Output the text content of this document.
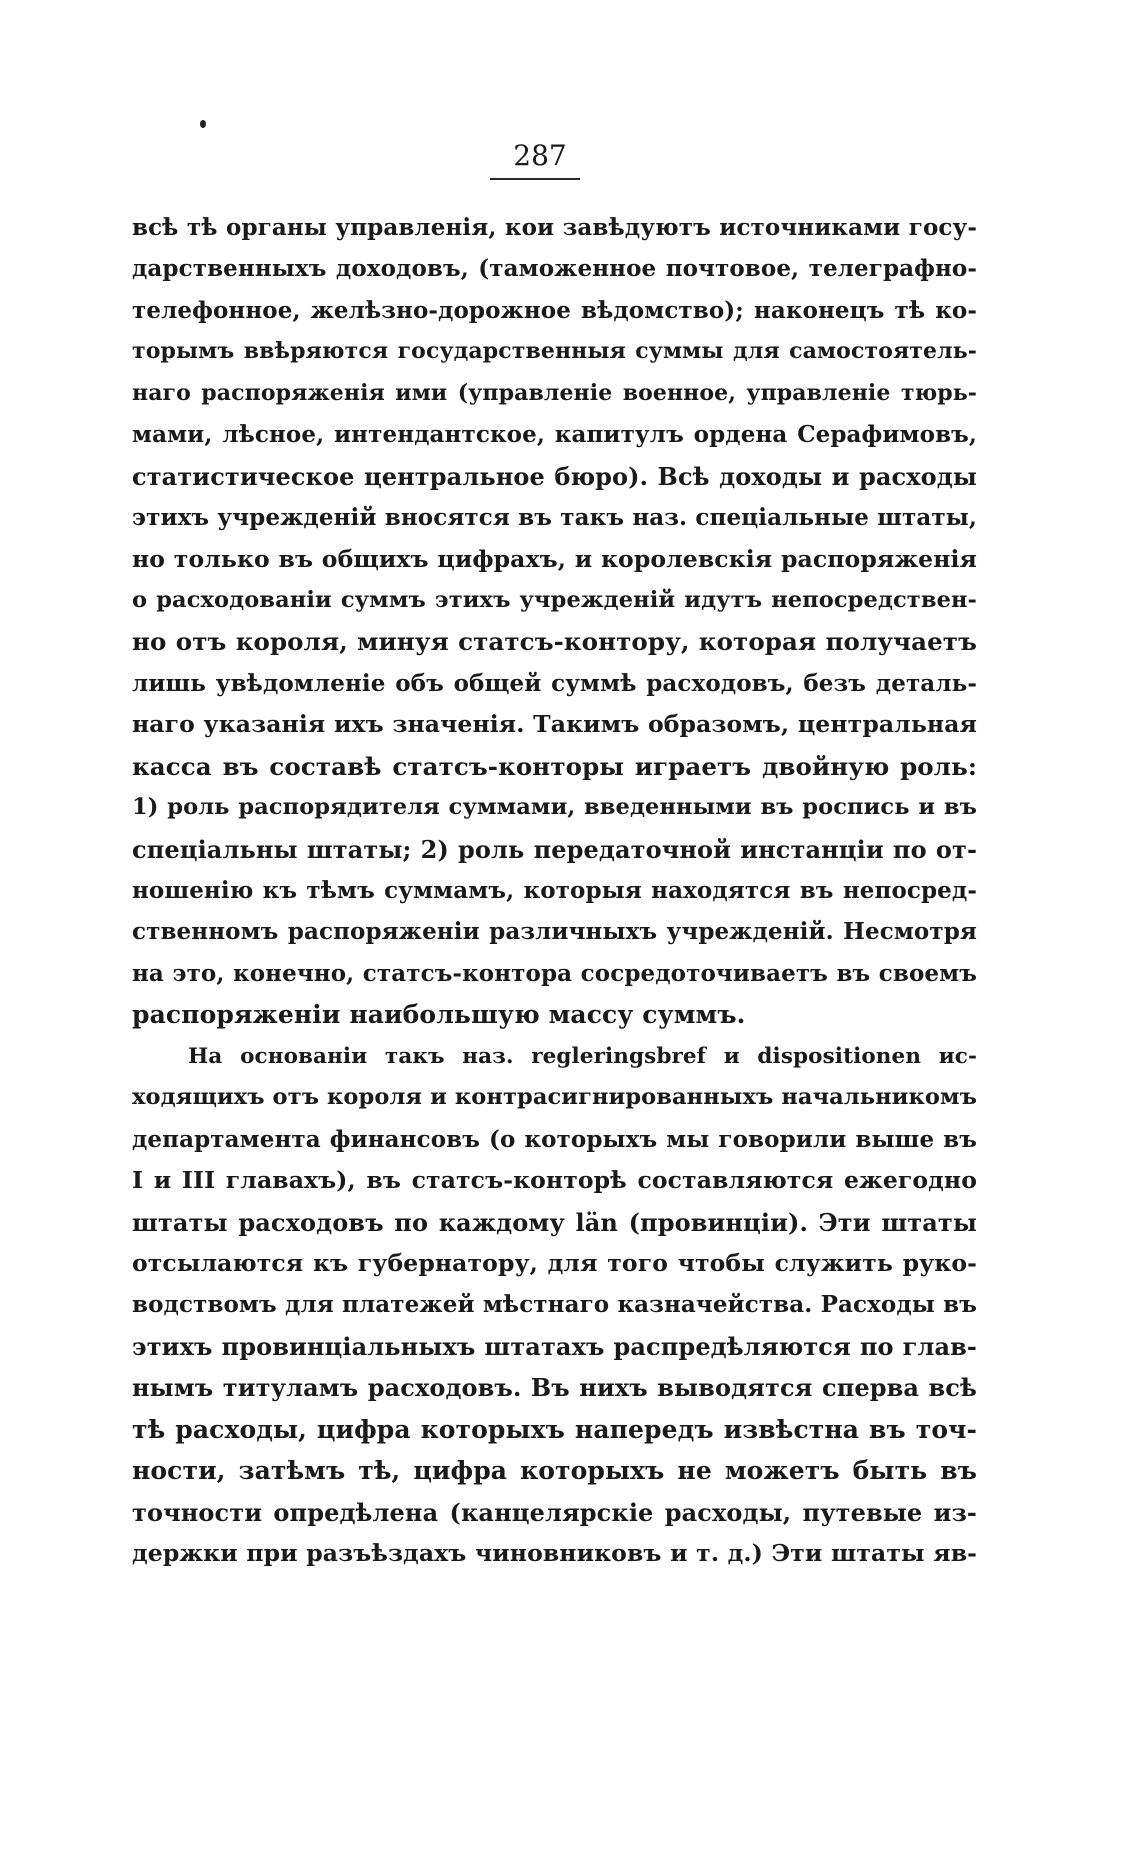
287
всѣ тѣ органы управленія, кои завѣдуютъ источниками госу-
дарственныхъ доходовъ, (таможенное почтовое, телеграфно-
телефонное, желѣзно-дорожное вѣдомство); наконецъ тѣ ко-
торымъ ввѣряются государственныя суммы для самостоятель-
наго распоряженія ими (управленіе военное, управленіе тюрь-
мами, лѣсное, интендантское, капитулъ ордена Серафимовъ,
статистическое центральное бюро). Всѣ доходы и расходы
этихъ учрежденій вносятся въ такъ наз. спеціальные штаты,
но только въ общихъ цифрахъ, и королевскія распоряженія
о расходованіи суммъ этихъ учрежденій идутъ непосредствен-
но отъ короля, минуя статсъ-контору, которая получаетъ
лишь увѣдомленіе объ общей суммѣ расходовъ, безъ деталь-
наго указанія ихъ значенія. Такимъ образомъ, центральная
касса въ составѣ статсъ-конторы играетъ двойную роль:
1) роль распорядителя суммами, введенными въ роспись и въ
спеціальны штаты; 2) роль передаточной инстанціи по от-
ношенію къ тѣмъ суммамъ, которыя находятся въ непосред-
ственномъ распоряженіи различныхъ учрежденій. Несмотря
на это, конечно, статсъ-контора сосредоточиваетъ въ своемъ
распоряженіи наибольшую массу суммъ.
На основаніи такъ наз. regleringsbref и dispositionen ис-
ходящихъ отъ короля и контрасигнированныхъ начальникомъ
департамента финансовъ (о которыхъ мы говорили выше въ
I и III главахъ), въ статсъ-конторѣ составляются ежегодно
штаты расходовъ по каждому län (провинціи). Эти штаты
отсылаются къ губернатору, для того чтобы служить руко-
водствомъ для платежей мѣстнаго казначейства. Расходы въ
этихъ провинціальныхъ штатахъ распредѣляются по глав-
нымъ титуламъ расходовъ. Въ нихъ выводятся сперва всѣ
тѣ расходы, цифра которыхъ напередъ извѣстна въ точ-
ности, затѣмъ тѣ, цифра которыхъ не можетъ быть въ
точности опредѣлена (канцелярскіе расходы, путевые из-
держки при разъѣздахъ чиновниковъ и т. д.) Эти штаты яв-
